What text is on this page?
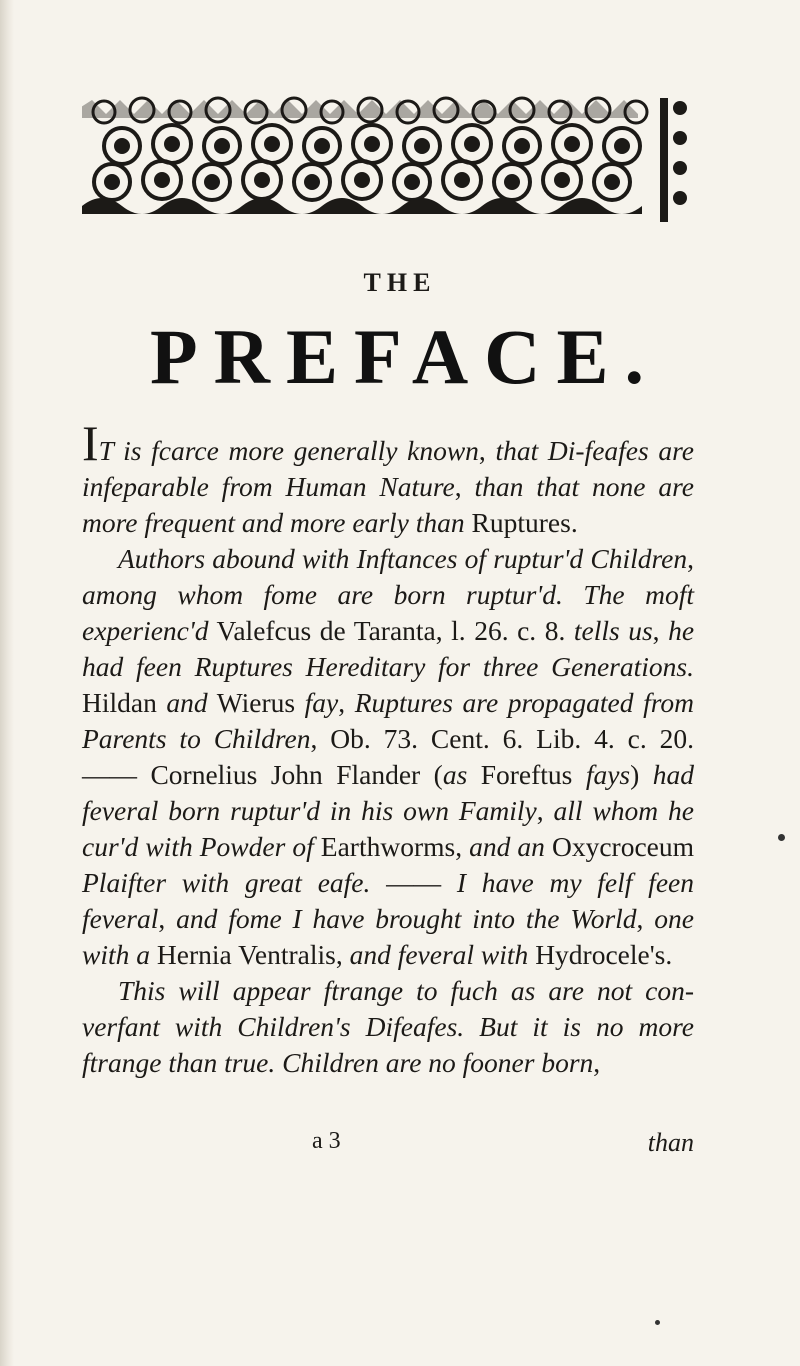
THE
PREFACE.

IT is fcarce more generally known, that Di-feafes are infeparable from Human Nature, than that none are more frequent and more early than Ruptures.

Authors abound with Inftances of ruptur'd Children, among whom fome are born ruptur'd. The moft experienc'd Valefcus de Taranta, l. 26. c. 8. tells us, he had feen Ruptures Hereditary for three Generations. Hildan and Wierus fay, Ruptures are propagated from Parents to Children, Ob. 73. Cent. 6. Lib. 4. c. 20. —— Cornelius John Flander (as Foreftus fays) had feveral born ruptur'd in his own Family, all whom he cur'd with Powder of Earthworms, and an Oxycroceum Plaifter with great eafe. —— I have my felf feen feveral, and fome I have brought into the World, one with a Hernia Ventralis, and feveral with Hydrocele's.

This will appear ftrange to fuch as are not con-verfant with Children's Difeafes. But it is no more ftrange than true. Children are no fooner born,

a 3	than
